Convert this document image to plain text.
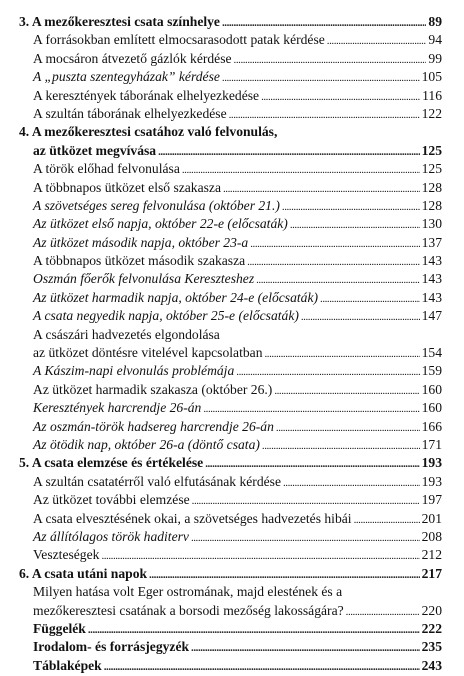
3. A mezőkeresztesi csata színhelye . . .	89
A forrásokban említett elmocsarasodott patak kérdése . . .	94
A mocsáron átvezető gázlók kérdése . . .	99
A „puszta szentegyházak” kérdése . . .	105
A keresztények táborának elhelyezkedése . . .	116
A szultán táborának elhelyezkedése . . .	122
4. A mezőkeresztesi csatához való felvonulás,
az ütközet megvívása . . .	125
A török előhad felvonulása . . .	125
A többnapos ütközet első szakasza . . .	128
A szövetséges sereg felvonulása (október 21.) . . .	128
Az ütközet első napja, október 22-e (előcsaták) . . .	130
Az ütközet második napja, október 23-a . . .	137
A többnapos ütközet második szakasza . . .	143
Oszmán főerők felvonulása Kereszteshez . . .	143
Az ütközet harmadik napja, október 24-e (előcsaták) . . .	143
A csata negyedik napja, október 25-e (előcsaták) . . .	147
A császári hadvezetés elgondolása
az ütközet döntésre vitelével kapcsolatban . . .	154
A Kászim-napi elvonulás problémája . . .	159
Az ütközet harmadik szakasza (október 26.) . . .	160
Keresztények harcrendje 26-án . . .	160
Az oszmán-török hadsereg harcrendje 26-án . . .	166
Az ötödik nap, október 26-a (döntő csata) . . .	171
5. A csata elemzése és értékelése . . .	193
A szultán csatatérről való elfutásának kérdése . . .	193
Az ütközet további elemzése . . .	197
A csata elvesztésének okai, a szövetséges hadvezetés hibái . . .	201
Az állítólagos török haditerv . . .	208
Veszteségek . . .	212
6. A csata utáni napok . . .	217
Milyen hatása volt Eger ostromának, majd elestének és a
mezőkeresztesi csatának a borsodi mezőség lakosságára? . . .	220
Függelék . . .	222
Irodalom- és forrásjegyzék . . .	235
Táblaképek . . .	243
